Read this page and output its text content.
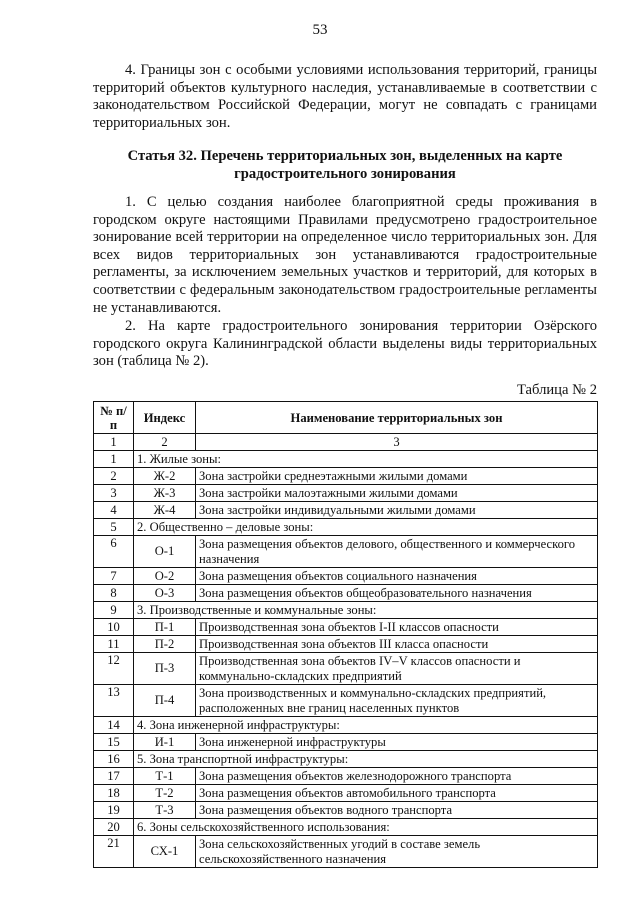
53

4. Границы зон с особыми условиями использования территорий, границы территорий объектов культурного наследия, устанавливаемые в соответствии с законодательством Российской Федерации, могут не совпадать с границами территориальных зон.

Статья 32. Перечень территориальных зон, выделенных на карте градостроительного зонирования

1. С целью создания наиболее благоприятной среды проживания в городском округе настоящими Правилами предусмотрено градостроительное зонирование всей территории на определенное число территориальных зон. Для всех видов территориальных зон устанавливаются градостроительные регламенты, за исключением земельных участков и территорий, для которых в соответствии с федеральным законодательством градостроительные регламенты не устанавливаются.

2. На карте градостроительного зонирования территории Озёрского городского округа Калининградской области выделены виды территориальных зон (таблица № 2).

Таблица № 2
№ п/п	Индекс	Наименование территориальных зон
1	2	3
1	1. Жилые зоны:	
2	Ж-2	Зона застройки среднеэтажными жилыми домами
3	Ж-3	Зона застройки малоэтажными жилыми домами
4	Ж-4	Зона застройки индивидуальными жилыми домами
5	2. Общественно – деловые зоны:	
6	О-1	Зона размещения объектов делового, общественного и коммерческого назначения
7	О-2	Зона размещения объектов социального назначения
8	О-3	Зона размещения объектов общеобразовательного назначения
9	3. Производственные и коммунальные зоны:	
10	П-1	Производственная зона объектов I-II классов опасности
11	П-2	Производственная зона объектов III класса опасности
12	П-3	Производственная зона объектов IV–V классов опасности и коммунально-складских предприятий
13	П-4	Зона производственных и коммунально-складских предприятий, расположенных вне границ населенных пунктов
14	4. Зона инженерной инфраструктуры:	
15	И-1	Зона инженерной инфраструктуры
16	5. Зона транспортной инфраструктуры:	
17	Т-1	Зона размещения объектов железнодорожного транспорта
18	Т-2	Зона размещения объектов автомобильного транспорта
19	Т-3	Зона размещения объектов водного транспорта
20	6. Зоны сельскохозяйственного использования:	
21	СХ-1	Зона сельскохозяйственных угодий в составе земель сельскохозяйственного назначения
